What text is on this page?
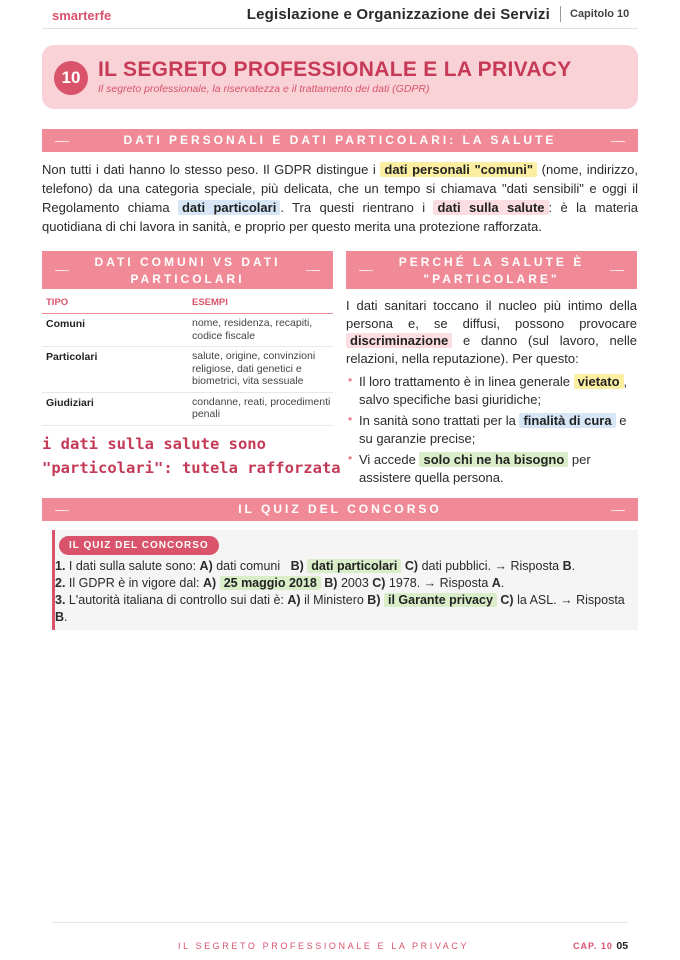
smarterfe	Legislazione e Organizzazione dei Servizi Capitolo 10
10 IL SEGRETO PROFESSIONALE E LA PRIVACY
Il segreto professionale, la riservatezza e il trattamento dei dati (GDPR)
DATI PERSONALI E DATI PARTICOLARI: LA SALUTE
Non tutti i dati hanno lo stesso peso. Il GDPR distingue i dati personali "comuni" (nome, indirizzo, telefono) da una categoria speciale, più delicata, che un tempo si chiamava "dati sensibili" e oggi il Regolamento chiama dati particolari . Tra questi rientrano i dati sulla salute : è la materia quotidiana di chi lavora in sanità, e proprio per questo merita una protezione rafforzata.
DATI COMUNI VS DATI PARTICOLARI
TIPO	ESEMPI
Comuni	nome, residenza, recapiti, codice fiscale
Particolari	salute, origine, convinzioni religiose, dati genetici e biometrici, vita sessuale
Giudiziari	condanne, reati, procedimenti penali
i dati sulla salute sono "particolari": tutela rafforzata
PERCHÉ LA SALUTE È "PARTICOLARE"
I dati sanitari toccano il nucleo più intimo della persona e, se diffusi, possono provocare discriminazione e danno (sul lavoro, nelle relazioni, nella reputazione). Per questo:
• Il loro trattamento è in linea generale vietato , salvo specifiche basi giuridiche;
• In sanità sono trattati per la finalità di cura e su garanzie precise;
• Vi accede solo chi ne ha bisogno per assistere quella persona.
IL QUIZ DEL CONCORSO
IL QUIZ DEL CONCORSO
1. I dati sulla salute sono: A) dati comuni   B) dati particolari C) dati pubblici. → Risposta B.
2. Il GDPR è in vigore dal: A) 25 maggio 2018 B) 2003 C) 1978. → Risposta A.
3. L'autorità italiana di controllo sui dati è: A) il Ministero B) il Garante privacy C) la ASL. → Risposta B.
IL SEGRETO PROFESSIONALE E LA PRIVACY	CAP. 10 05
